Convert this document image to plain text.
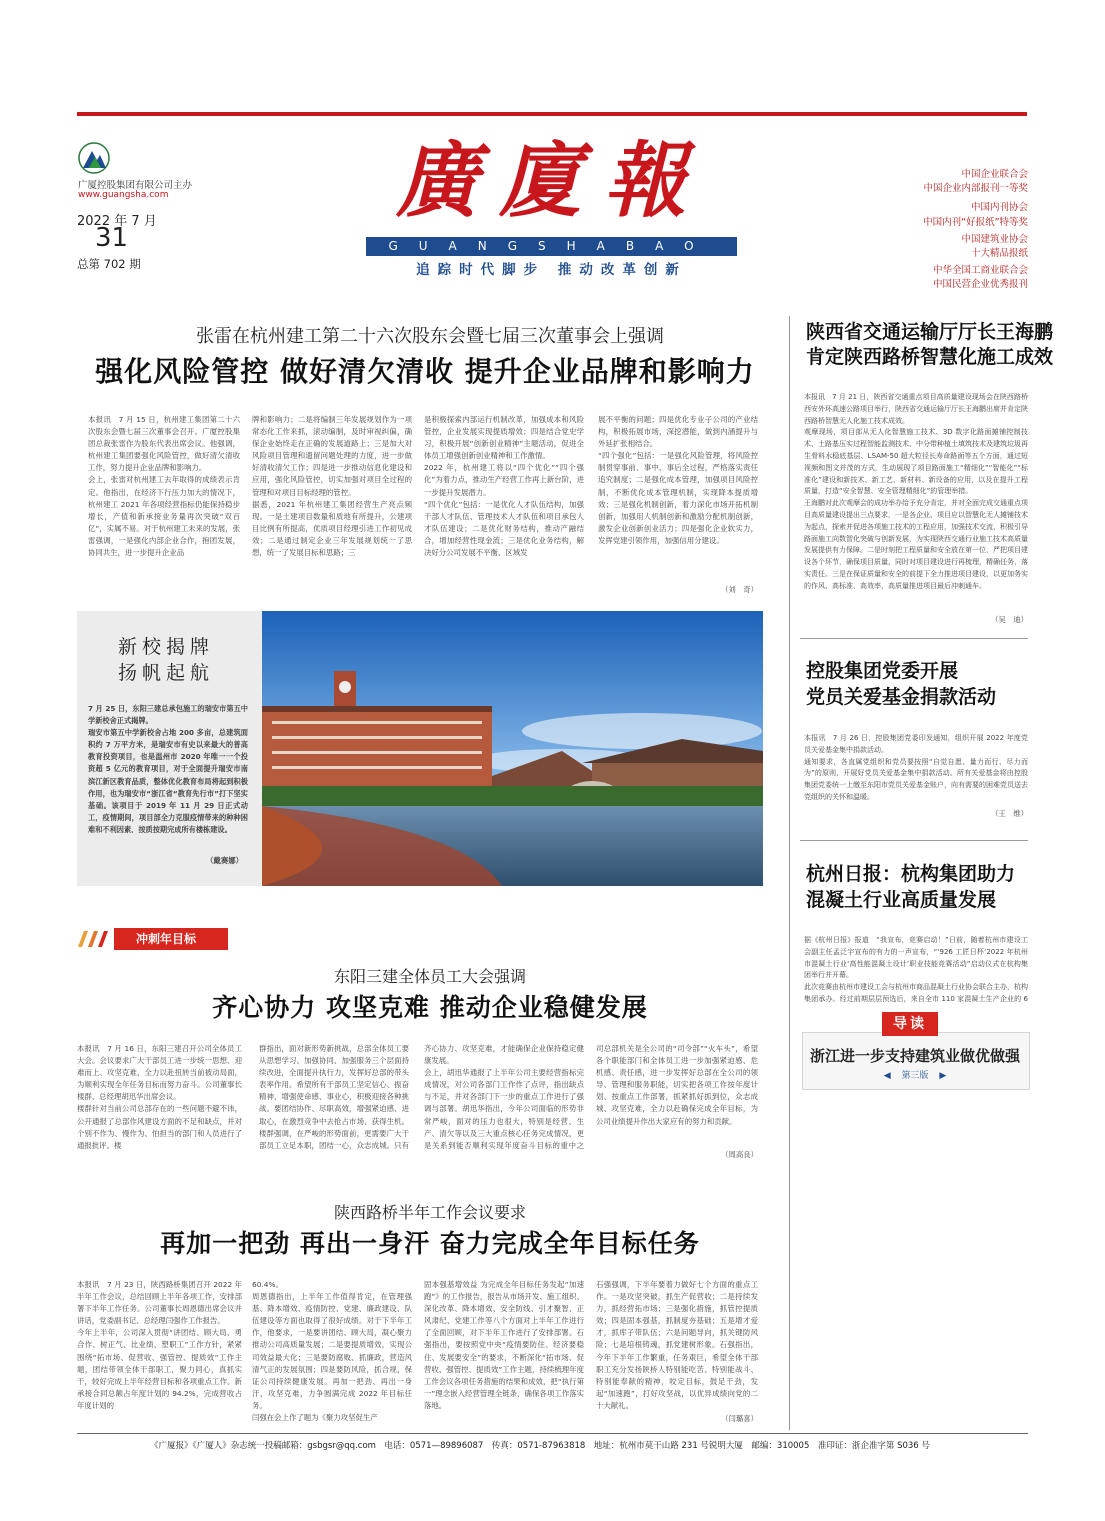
广厦控股集团有限公司主办
www.guangsha.com
2022 年 7 月
31
总第 702 期
廣廈報
GUANGSHABAO
追踪时代脚步 推动改革创新
中国企业联合会
中国企业内部报刊一等奖
中国内刊协会
中国内刊“好报纸”特等奖
中国建筑业协会
十大精品报纸
中华全国工商业联合会
中国民营企业优秀报刊
张雷在杭州建工第二十六次股东会暨七届三次董事会上强调
强化风险管控 做好清欠清收 提升企业品牌和影响力
本报讯　7 月 15 日，杭州建工集团第二十六次股东会暨七届三次董事会召开。广厦控股集团总裁张雷作为股东代表出席会议。他强调，杭州建工集团要强化风险管控，做好清欠清收工作，努力提升企业品牌和影响力。
会上，张雷对杭州建工去年取得的成绩表示肯定。他指出，在经济下行压力加大的情况下，杭州建工 2021 年各项经营指标仍能保持稳步增长，产值和新承接业务量再次突破“双百亿”，实属不易。对于杭州建工未来的发展，张雷强调，一是强化内部企业合作，抱团发展，协同共生，进一步提升企业品
牌和影响力；二是将编制三年发展规划作为一项常态化工作来抓，滚动编制，及时审视纠偏，确保企业始终走在正确的发展道路上；三是加大对风险项目管理和遗留问题处理的力度，进一步做好清收清欠工作；四是进一步推动信息化建设和应用，强化风险管控，切实加强对项目全过程的管理和对项目目标经理的管控。
据悉，2021 年杭州建工集团经营生产亮点频现。一是土建项目数量和质地有所提升，公建项目比例有所提高，优质项目经理引进工作初见成效；二是通过制定企业三年发展规划统一了思想，统一了发展目标和思路；三
是积极探索内部运行机制改革，加强成本和风险管控，企业发展实现提质增效；四是结合党史学习，积极开展“创新创业精神”主题活动，促进全体员工增强创新创业精神和工作激情。
2022 年，杭州建工将以“四个优化”“四个强化”为着力点，推动生产经营工作再上新台阶，进一步提升发展潜力。
“四个优化”包括：一是优化人才队伍结构，加强干部人才队伍、管理技术人才队伍和项目承包人才队伍建设；二是优化财务结构，推动产融结合，增加经营性现金流；三是优化业务结构，解决好分公司发展不平衡、区域发
展不平衡的问题；四是优化专业子公司的产业结构，积极拓展市场，深挖潜能，做到内涵提升与外延扩张相结合。
“四个强化”包括：一是强化风险管理，将风险控制贯穿事前、事中、事后全过程，严格落实责任追究制度；二是强化成本管理，加强项目风险控制，不断优化成本管理机制，实现降本提质增效；三是强化机制创新，着力深化市场开拓机制创新，加强用人机制创新和激励分配机制创新，激发企业创新创业活力；四是强化企业软实力，发挥党建引领作用，加强信用分建设。
（刘　奇）
新校揭牌
扬帆起航
7 月 25 日，东阳三建总承包施工的瑞安市第五中学新校舍正式揭牌。
瑞安市第五中学新校舍占地 200 多亩，总建筑面积约 7 万平方米，是瑞安市有史以来最大的普高教育投资项目，也是温州市 2020 年唯一一个投资超 5 亿元的教育项目，对于全面提升瑞安市南滨江新区教育品质，整体优化教育布局将起到积极作用，也为瑞安市“浙江省“教育先行市”打下坚实基础。该项目于 2019 年 11 月 29 日正式动工，疫情期间，项目部全力克服疫情带来的种种困难和不利因素，按质按期完成所有楼栋建设。
（戴赛娜）
冲刺年目标
东阳三建全体员工大会强调
齐心协力 攻坚克难 推动企业稳健发展
本报讯　7 月 16 日，东阳三建召开公司全体员工大会。会议要求广大干部员工进一步统一思想、迎难而上、攻坚克难，全力以赴扭转当前被动局面，为顺利实现全年任务目标而努力奋斗。公司董事长楼群、总经理胡迅华出席会议。
楼群针对当前公司总部存在的一些问题不避不讳，公开通报了总部作风建设方面的不足和缺点，并对个别不作为、慢作为、怕担当的部门和人员进行了通报批评。楼
群指出，面对新形势新挑战，总部全体员工要从思想学习、加强协同、加强服务三个层面持续改进，全面提升执行力，发挥好总部的带头表率作用。希望所有干部员工坚定信心、振奋精神，增强使命感、事业心，积极迎接各种挑战。要团结协作、尽职高效，增强紧迫感、进取心，在激烈竞争中去抢占市场、获得生机。楼群强调，在严峻的形势面前，更需要广大干部员工立足本职，团结一心，众志成城。只有
齐心协力、攻坚克难，才能确保企业保持稳定健康发展。
会上，胡迅华通报了上半年公司主要经营指标完成情况，对公司各部门工作作了点评，指出缺点与不足，并对各部门下一步的重点工作进行了强调与部署。胡迅华指出，今年公司面临的形势非常严峻，面对的压力也很大，特别是经营、生产、清欠等以及三大重点核心任务完成情况，更是关系到能否顺利实现年度奋斗目标的重中之
司总部机关是全公司的“司令部”“火车头”，希望各个职能部门和全体员工进一步加强紧迫感、危机感、责任感，进一步发挥好总部在全公司的领导、管理和服务职能，切实把各项工作按年度计划、按重点工作部署，抓紧抓好抓到位，众志成城、攻坚克难，全力以赴确保完成全年目标，为公司业绩提升作出大家应有的努力和贡献。
（周高良）
陕西路桥半年工作会议要求
再加一把劲 再出一身汗 奋力完成全年目标任务
本报讯　7 月 23 日，陕西路桥集团召开 2022 年半年工作会议，总结回顾上半年各项工作，安排部署下半年工作任务。公司董事长周恩德出席会议并讲话，党委副书记、总经理闫强作工作报告。
今年上半年，公司深入贯彻“讲团结、顾大局、勇合作、树正气、比业绩、塑职工”工作方针，紧紧围绕“拓市场、促营收、强管控、提质效”工作主题，团结带领全体干部职工，聚力同心，真抓实干，较好完成上半年经营目标和各项重点工作。新承接合同总额占年度计划的 94.2%，完成营收占年度计划的
60.4%。
周恩德指出，上半年工作值得肯定，在管理强基、降本增效、疫情防控、党建、廉政建设、队伍建设等方面也取得了很好成绩。对于下半年工作，他要求，一是要讲团结、顾大局，凝心聚力推动公司高质量发展；二是要提质增效，实现公司效益最大化；三是要防腐败、抓廉政，营造风清气正的发展氛围；四是要防风险，抓合规，保证公司持续健康发展。再加一把劲、再出一身汗，攻坚克难，力争圆满完成 2022 年目标任务。
闫强在会上作了题为《聚力攻坚促生产
固本强基增效益 为完成全年目标任务发起“加速跑”》的工作报告，报告从市场开发、施工组织、深化改革、降本增效、安全防线、引才聚智、正风肃纪、党建工作等八个方面对上半年工作进行了全面回顾，对下半年工作进行了安排部署。石强指出，要按照党中央“疫情要防住、经济要稳住、发展要安全”的要求，不断深化“拓市场、促营收、强管控、提质效”工作主题，持续梳理年度工作会议各项任务措施的结果和成效，把“执行第一”理念嵌入经营管理全链条，确保各项工作落实落地。
石强强调，下半年要着力做好七个方面的重点工作。一是攻坚突破，抓生产促营收；二是持续发力，抓经营拓市场；三是强化措施，抓管控提质效；四是固本强基，抓制度夯基础；五是增才爱才，抓库子带队伍；六是问题导向，抓关键防风险；七是培根铸魂，抓党建树形象。石强指出，今年下半年工作繁重，任务艰巨，希望全体干部职工充分发扬陕桥人特别能吃苦、特别能战斗、特别能奉献的精神，咬定目标，鼓足干劲，发起“加速跑”，打好攻坚战，以优异成绩向党的二十大献礼。
（闫璐喜）
陕西省交通运输厅厅长王海鹏
肯定陕西路桥智慧化施工成效
本报讯　7 月 21 日，陕西省交通重点项目高质量建设现场会在陕西路桥西安外环高速公路项目举行，陕西省交通运输厅厅长王海鹏出席并肯定陕西路桥智慧无人化施工技术成效。
观摩现场，项目部从无人化智慧施工技术、3D 数字化路面摊铺控制技术、土路基压实过程智能监测技术、中分带种植土填筑技术及建筑垃圾再生骨料水稳底基层、LSAM-50 超大粒径长寿命路面等五个方面，通过短视频和图文并茂的方式，生动展现了项目路面施工“精细化”“智能化”“标准化”建设和新技术、新工艺、新材料、新设备的应用，以及在提升工程质量，打造“安全智慧、安全管理精细化”的管理举措。
王海鹏对此次观摩会的成功举办给予充分肯定，并对全面完成交通重点项目高质量建设提出三点要求，一是各企业、项目应以智慧化无人摊铺技术为起点，探索并促进各项施工技术的工程应用，加强技术交流，积极引导路面施工向数智化突破与创新发展，为实现陕西交通行业施工技术高质量发展提供有力保障。二是时刻把工程质量和安全放在第一位，严把项目建设各个环节，确保项目质量，同时对项目建设进行再梳理，精确任务，落实责任。三是在保证质量和安全的前提下全力推进项目建设，以更加务实的作风、高标准、高效率，高质量推进项目最后冲刺通车。
（吴　迪）
控股集团党委开展
党员关爱基金捐款活动
本报讯　7 月 26 日，控股集团党委印发通知，组织开展 2022 年度党员关爱基金集中捐款活动。
通知要求，各直属党组织和党员要按照“自觉自愿、量力而行、尽力而为”的原则，开展好党员关爱基金集中捐款活动。所有关爱基金将由控股集团党委统一上缴至东阳市党员关爱基金账户，向有需要的困难党员送去党组织的关怀和温暖。
（王　维）
杭州日报：杭构集团助力
混凝土行业高质量发展
据《杭州日报》报道　“我宣布，竞赛启动！”日前，随着杭州市建设工会副主任孟泛宇宣布的有力的一声宣布，“‘926 工匠日杯’2022 年杭州市混凝土行业‘高性能混凝土设计’职业技能竞赛活动”启动仪式在杭构集团举行并开幕。
此次竞赛由杭州市建设工会与杭州市商品混凝土行业协会联合主办，杭构集团承办。经过前期层层预选后，来自全市 110 家混凝土生产企业的 6

导读
浙江进一步支持建筑业做优做强
◀ 第三版 ▶
《广厦报》《广厦人》杂志统一投稿邮箱：gsbgsr@qq.com　电话：0571—89896087　传真：0571-87963818　地址：杭州市莫干山路 231 号锐明大厦　邮编：310005　准印证：浙企准字第 S036 号
